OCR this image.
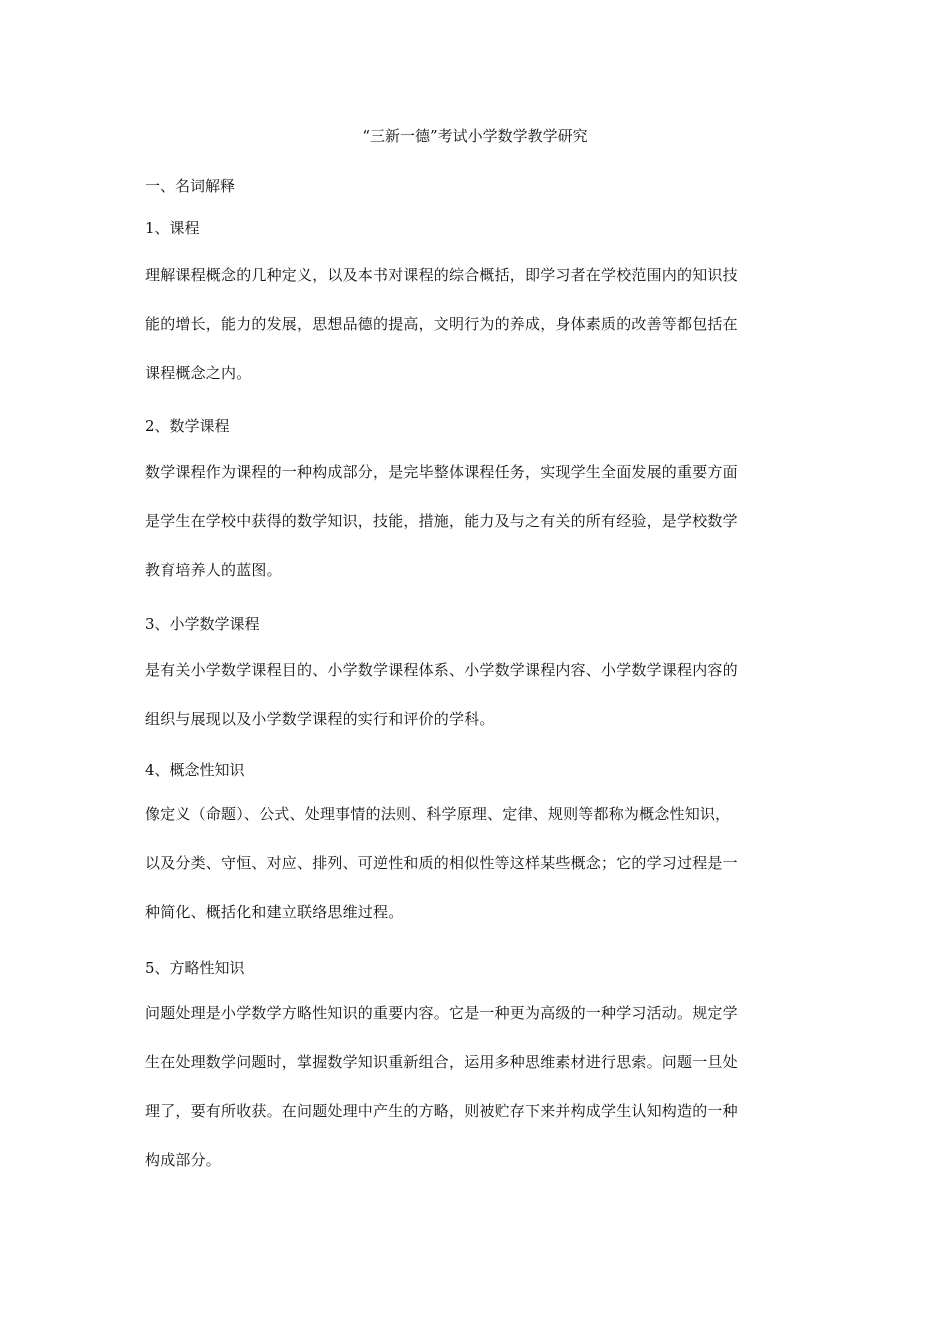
“三新一德”考试小学数学教学研究
一、名词解释
1、课程
理解课程概念的几种定义，以及本书对课程的综合概括，即学习者在学校范围内的知识技
能的增长，能力的发展，思想品德的提高，文明行为的养成，身体素质的改善等都包括在
课程概念之内。
2、数学课程
数学课程作为课程的一种构成部分，是完毕整体课程任务，实现学生全面发展的重要方面
是学生在学校中获得的数学知识，技能，措施，能力及与之有关的所有经验，是学校数学
教育培养人的蓝图。
3、小学数学课程
是有关小学数学课程目的、小学数学课程体系、小学数学课程内容、小学数学课程内容的
组织与展现以及小学数学课程的实行和评价的学科。
4、概念性知识
像定义（命题）、公式、处理事情的法则、科学原理、定律、规则等都称为概念性知识，
以及分类、守恒、对应、排列、可逆性和质的相似性等这样某些概念；它的学习过程是一
种简化、概括化和建立联络思维过程。
5、方略性知识
问题处理是小学数学方略性知识的重要内容。它是一种更为高级的一种学习活动。规定学
生在处理数学问题时，掌握数学知识重新组合，运用多种思维素材进行思索。问题一旦处
理了，要有所收获。在问题处理中产生的方略，则被贮存下来并构成学生认知构造的一种
构成部分。
